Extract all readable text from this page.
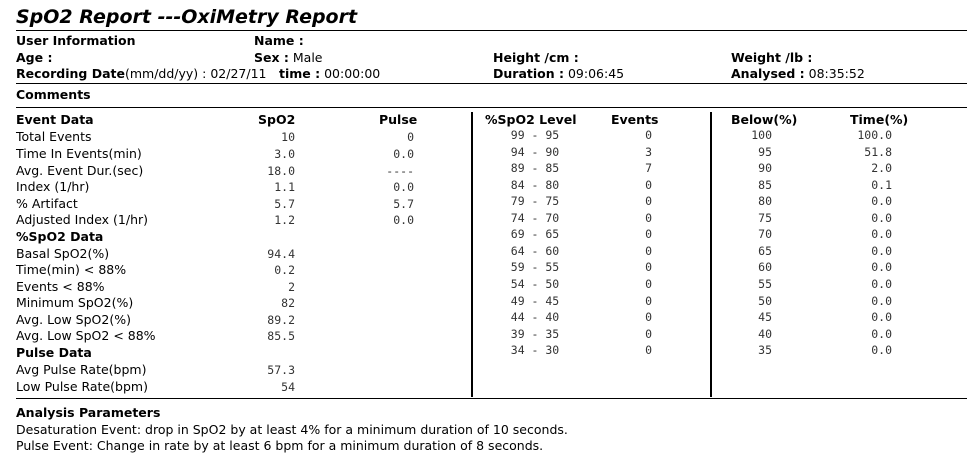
SpO2 Report ---OxiMetry Report
User Information	Name :
Age :	Sex : Male	Height /cm :	Weight /lb :
Recording Date(mm/dd/yy) : 02/27/11 time : 00:00:00	Duration : 09:06:45	Analysed : 08:35:52
Comments
Event Data	SpO2	Pulse	%SpO2 Level	Events	Below(%)	Time(%)
Total Events	10	0
Time In Events(min)	3.0	0.0
Avg. Event Dur.(sec)	18.0	----
Index (1/hr)	1.1	0.0
% Artifact	5.7	5.7
Adjusted Index (1/hr)	1.2	0.0
%SpO2 Data
Basal SpO2(%)	94.4
Time(min) < 88%	0.2
Events < 88%	2
Minimum SpO2(%)	82
Avg. Low SpO2(%)	89.2
Avg. Low SpO2 < 88%	85.5
Pulse Data
Avg Pulse Rate(bpm)	57.3
Low Pulse Rate(bpm)	54
99 - 95	0	100	100.0
94 - 90	3	95	51.8
89 - 85	7	90	2.0
84 - 80	0	85	0.1
79 - 75	0	80	0.0
74 - 70	0	75	0.0
69 - 65	0	70	0.0
64 - 60	0	65	0.0
59 - 55	0	60	0.0
54 - 50	0	55	0.0
49 - 45	0	50	0.0
44 - 40	0	45	0.0
39 - 35	0	40	0.0
34 - 30	0	35	0.0
Analysis Parameters
Desaturation Event: drop in SpO2 by at least 4% for a minimum duration of 10 seconds.
Pulse Event: Change in rate by at least 6 bpm for a minimum duration of 8 seconds.
